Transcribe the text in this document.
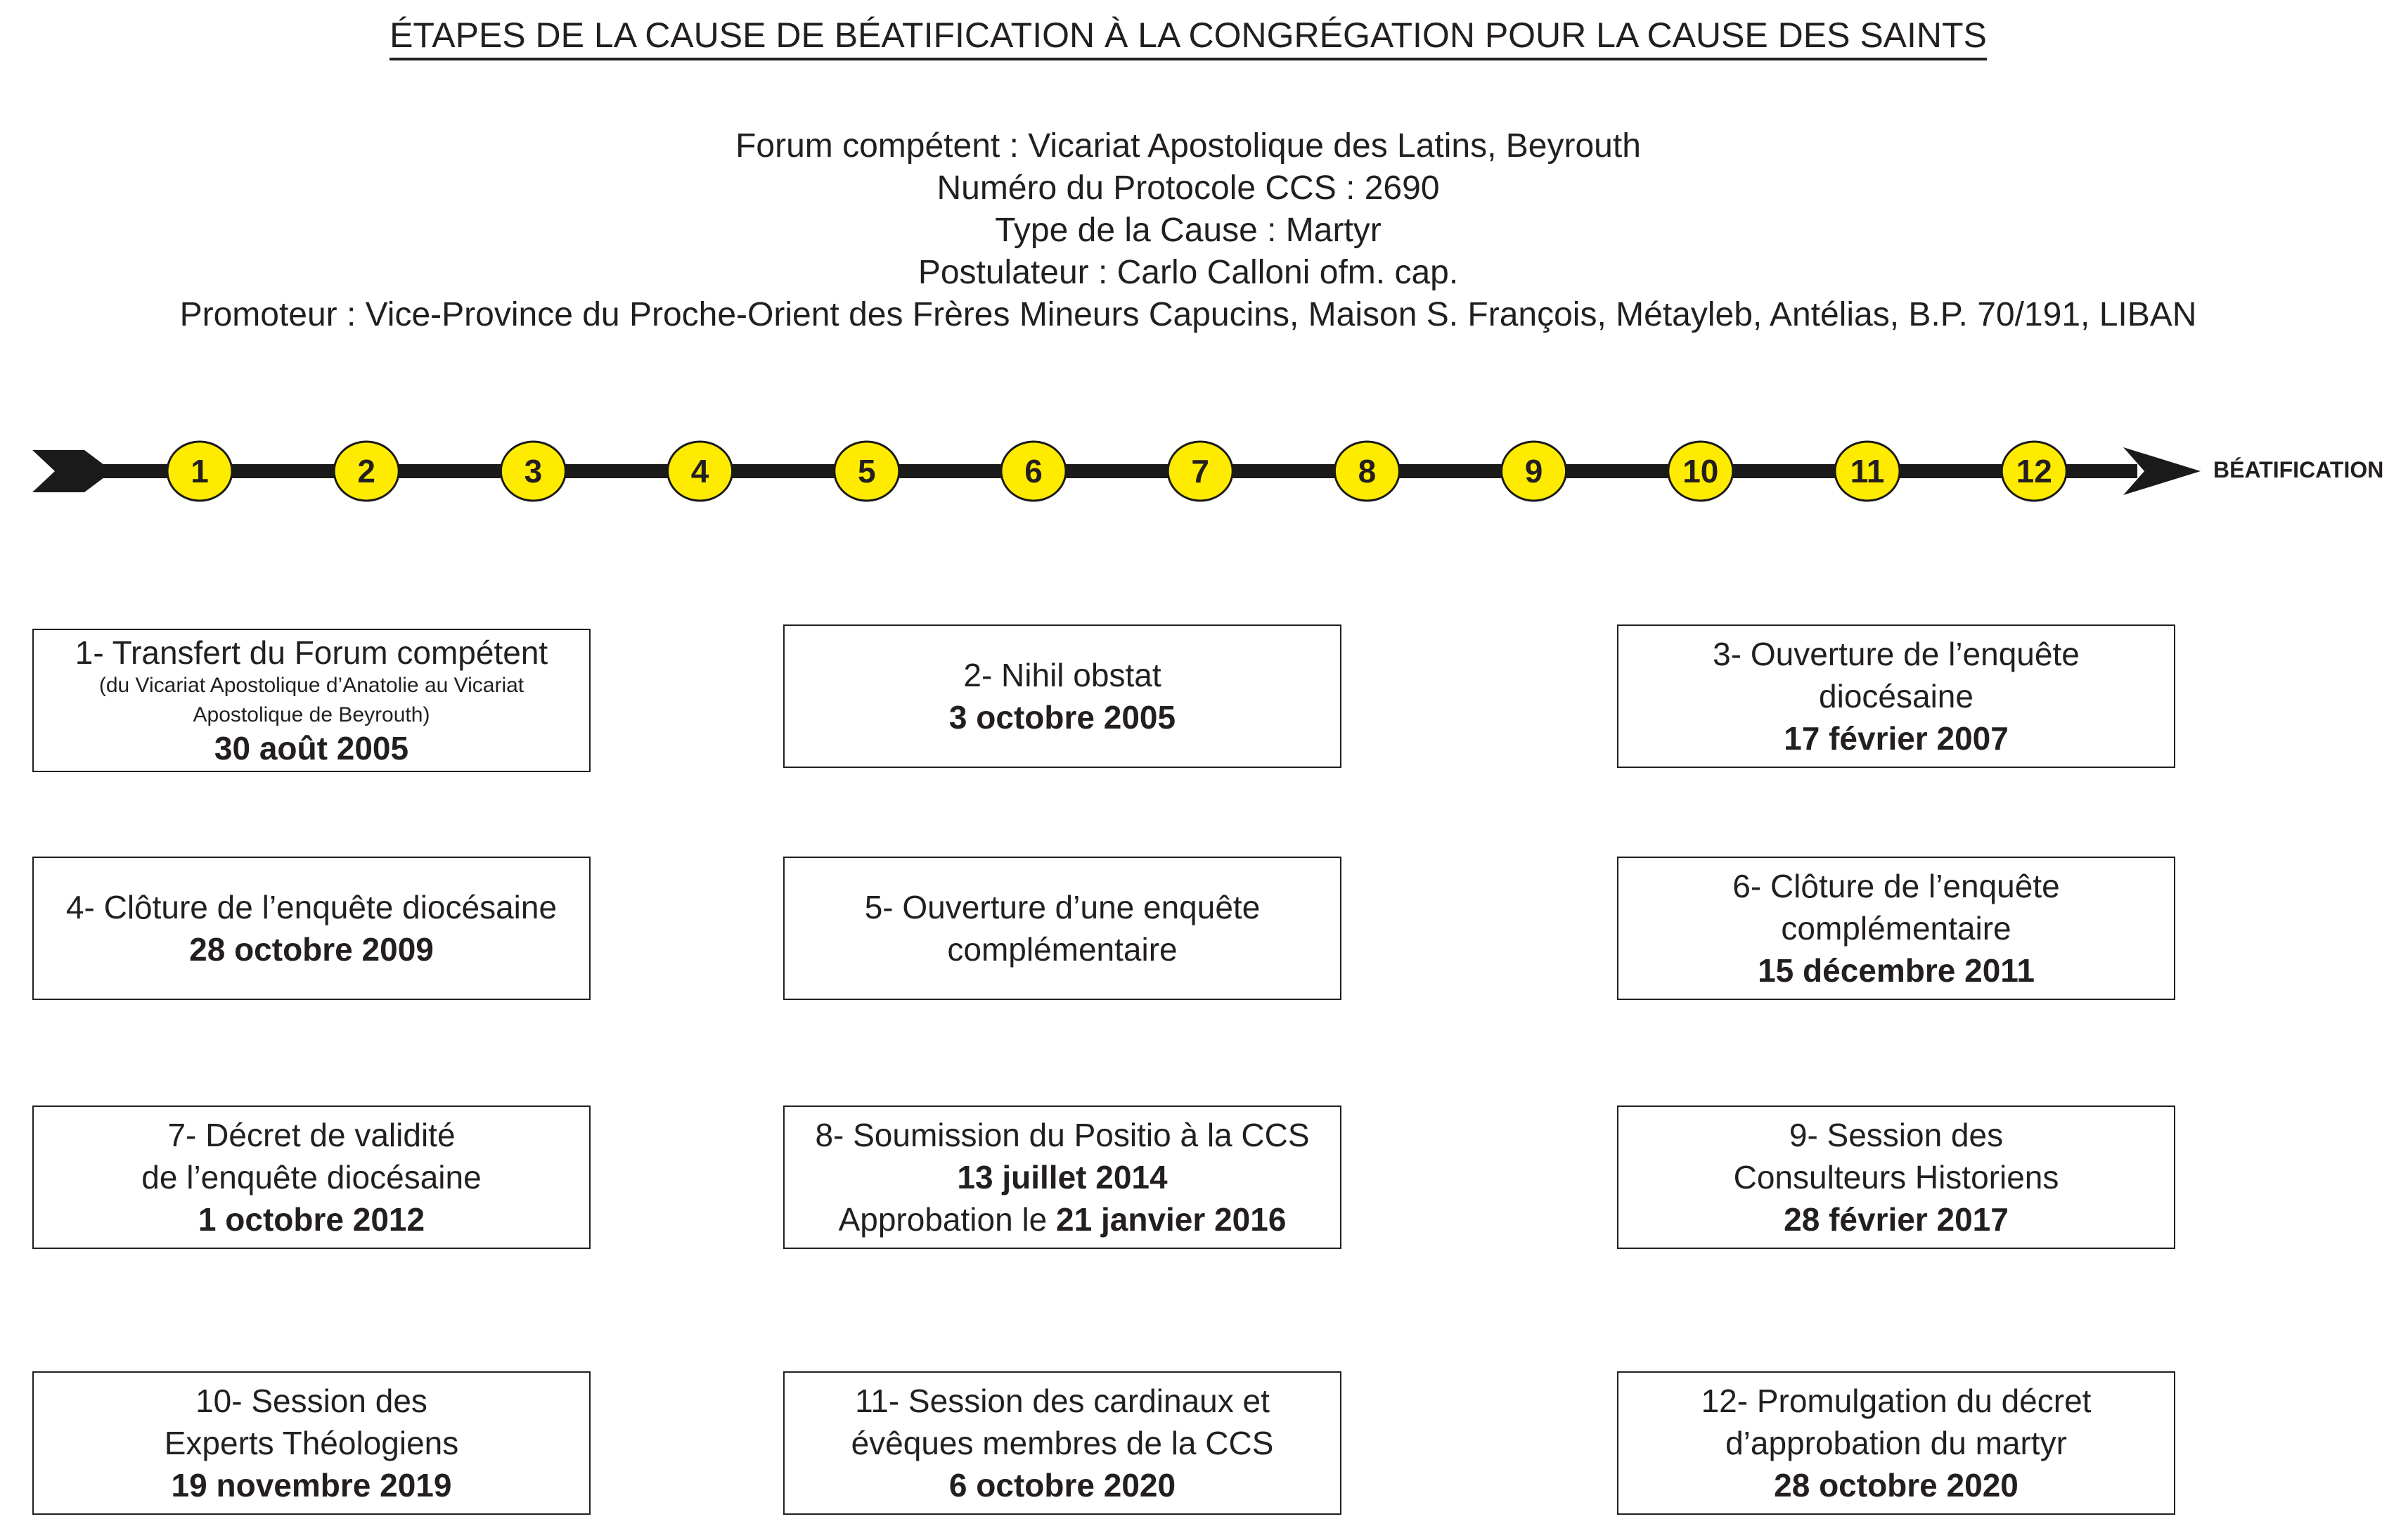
ÉTAPES DE LA CAUSE DE BÉATIFICATION À LA CONGRÉGATION POUR LA CAUSE DES SAINTS
Forum compétent : Vicariat Apostolique des Latins, Beyrouth
Numéro du Protocole CCS : 2690
Type de la Cause : Martyr
Postulateur : Carlo Calloni ofm. cap.
Promoteur : Vice-Province du Proche-Orient des Frères Mineurs Capucins, Maison S. François, Métayleb, Antélias, B.P. 70/191, LIBAN
1	2	3	4	5	6	7	8	9	10	11	12	BÉATIFICATION
1- Transfert du Forum compétent
(du Vicariat Apostolique d’Anatolie au Vicariat
Apostolique de Beyrouth)
30 août 2005
2- Nihil obstat
3 octobre 2005
3- Ouverture de l’enquête
diocésaine
17 février 2007
4- Clôture de l’enquête diocésaine
28 octobre 2009
5- Ouverture d’une enquête
complémentaire
6- Clôture de l’enquête
complémentaire
15 décembre 2011
7- Décret de validité
de l’enquête diocésaine
1 octobre 2012
8- Soumission du Positio à la CCS
13 juillet 2014
Approbation le 21 janvier 2016
9- Session des
Consulteurs Historiens
28 février 2017
10- Session des
Experts Théologiens
19 novembre 2019
11- Session des cardinaux et
évêques membres de la CCS
6 octobre 2020
12- Promulgation du décret
d’approbation du martyr
28 octobre 2020
